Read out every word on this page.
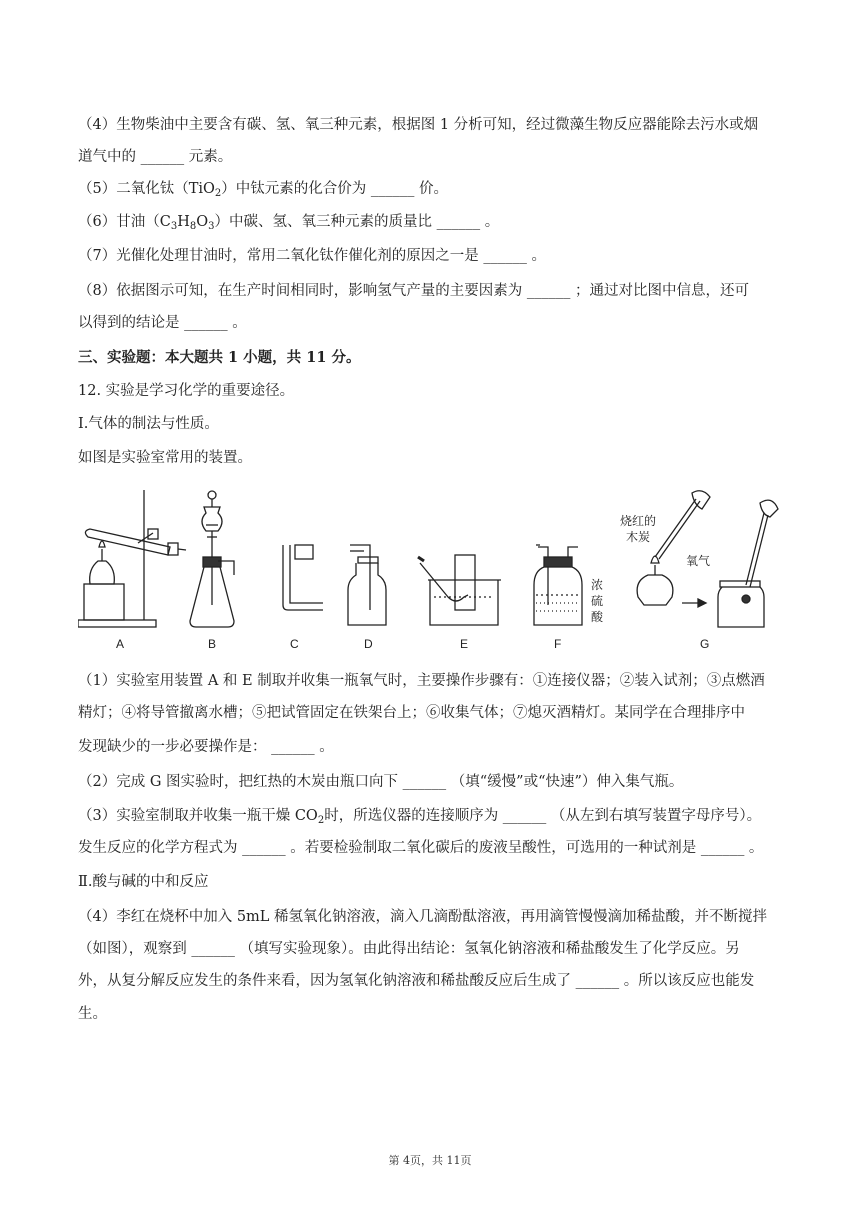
（4）生物柴油中主要含有碳、氢、氧三种元素，根据图 1 分析可知，经过微藻生物反应器能除去污水或烟
道气中的 ______ 元素。
（5）二氧化钛（TiO$_2$）中钛元素的化合价为 ______ 价。
（6）甘油$(C_3H_8O_3)$中碳、氢、氧三种元素的质量比 ______ 。
（7）光催化处理甘油时，常用二氧化钛作催化剂的原因之一是 ______ 。
（8）依据图示可知，在生产时间相同时，影响氢气产量的主要因素为 ______ ；通过对比图中信息，还可
以得到的结论是 ______ 。
三、实验题：本大题共 1 小题，共 11 分。
12. 实验是学习化学的重要途径。
Ⅰ.气体的制法与性质。
如图是实验室常用的装置。
浓
硫
酸
烧红的
木炭
氧气
A	B	C	D	E	F	G
（1）实验室用装置 A 和 E 制取并收集一瓶氧气时，主要操作步骤有：①连接仪器；②装入试剂；③点燃酒
精灯；④将导管撤离水槽；⑤把试管固定在铁架台上；⑥收集气体；⑦熄灭酒精灯。某同学在合理排序中
发现缺少的一步必要操作是： ______ 。
（2）完成 G 图实验时，把红热的木炭由瓶口向下 ______ （填“缓慢”或“快速”）伸入集气瓶。
（3）实验室制取并收集一瓶干燥 $CO_2$时，所选仪器的连接顺序为 ______ （从左到右填写装置字母序号）。
发生反应的化学方程式为 ______ 。若要检验制取二氧化碳后的废液呈酸性，可选用的一种试剂是 ______ 。
Ⅱ.酸与碱的中和反应
（4）李红在烧杯中加入 5mL 稀氢氧化钠溶液，滴入几滴酚酞溶液，再用滴管慢慢滴加稀盐酸，并不断搅拌
（如图），观察到 ______ （填写实验现象）。由此得出结论：氢氧化钠溶液和稀盐酸发生了化学反应。另
外，从复分解反应发生的条件来看，因为氢氧化钠溶液和稀盐酸反应后生成了 ______ 。所以该反应也能发
生。
第 4页，共 11页
